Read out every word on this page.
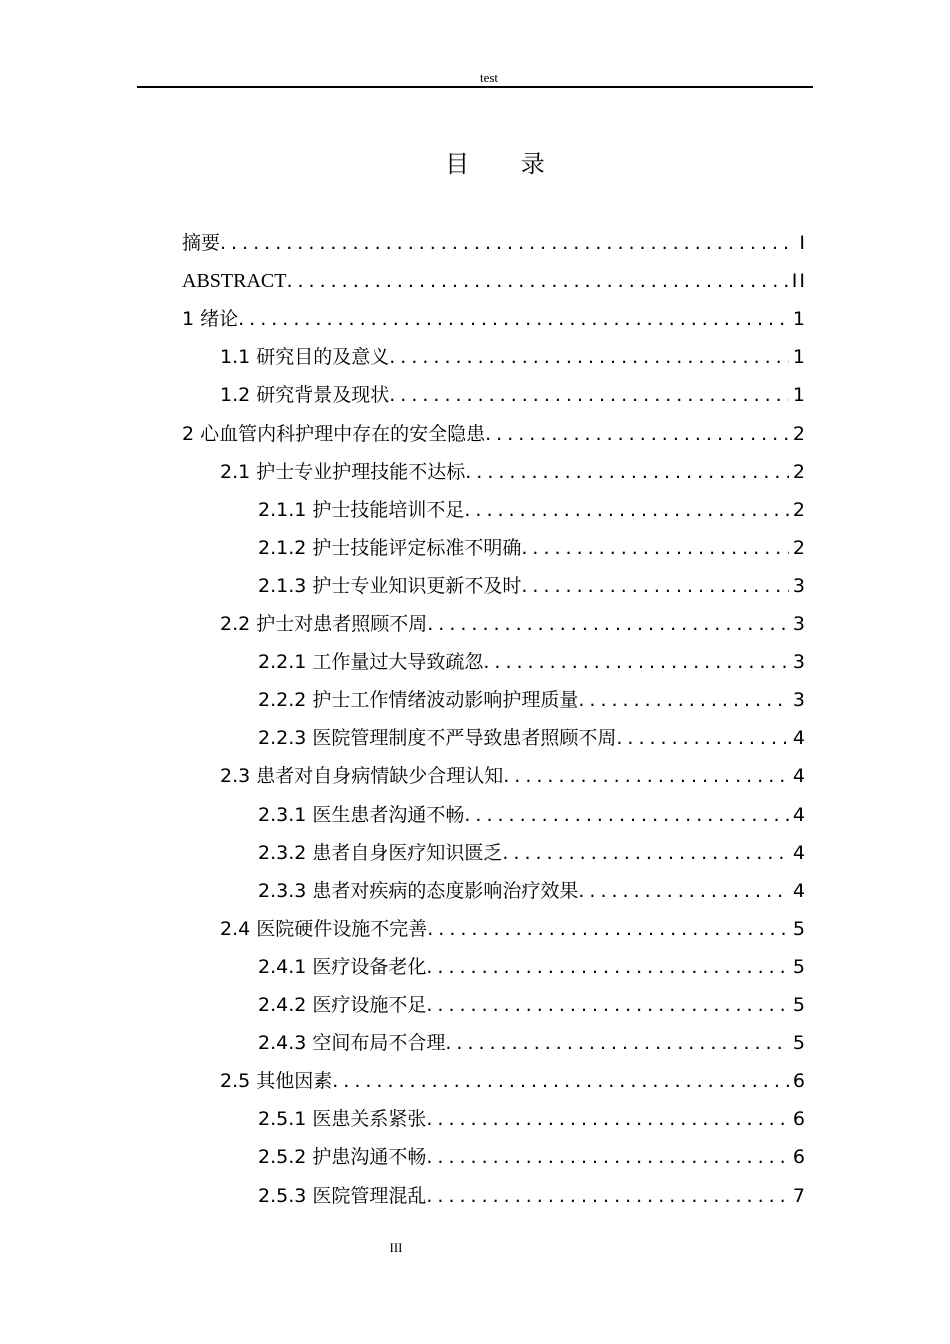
test
目 录
摘要 .....	I
ABSTRACT .....	II
1 绪论 .....	1
1.1 研究目的及意义 .....	1
1.2 研究背景及现状 .....	1
2 心血管内科护理中存在的安全隐患 .....	2
2.1 护士专业护理技能不达标 .....	2
2.1.1 护士技能培训不足 .....	2
2.1.2 护士技能评定标准不明确 .....	2
2.1.3 护士专业知识更新不及时 .....	3
2.2 护士对患者照顾不周 .....	3
2.2.1 工作量过大导致疏忽 .....	3
2.2.2 护士工作情绪波动影响护理质量 .....	3
2.2.3 医院管理制度不严导致患者照顾不周 .....	4
2.3 患者对自身病情缺少合理认知 .....	4
2.3.1 医生患者沟通不畅 .....	4
2.3.2 患者自身医疗知识匮乏 .....	4
2.3.3 患者对疾病的态度影响治疗效果 .....	4
2.4 医院硬件设施不完善 .....	5
2.4.1 医疗设备老化 .....	5
2.4.2 医疗设施不足 .....	5
2.4.3 空间布局不合理 .....	5
2.5 其他因素 .....	6
2.5.1 医患关系紧张 .....	6
2.5.2 护患沟通不畅 .....	6
2.5.3 医院管理混乱 .....	7
III
